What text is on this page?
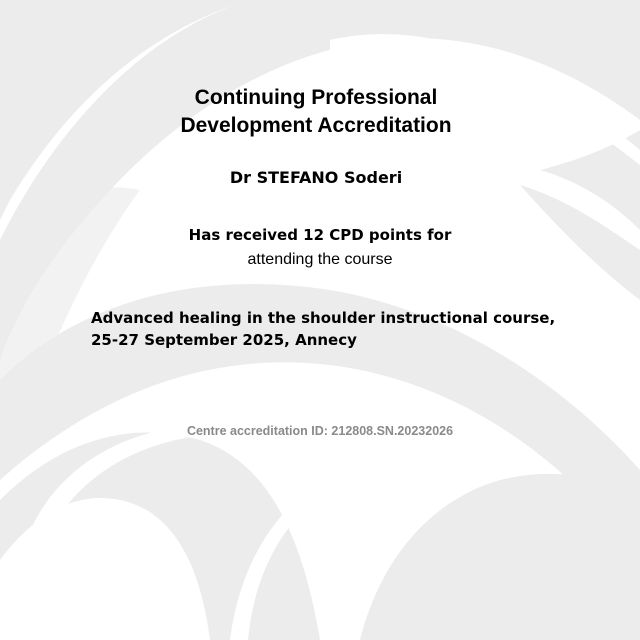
Continuing Professional
Development Accreditation
Dr STEFANO Soderi
Has received 12 CPD points for
attending the course
Advanced healing in the shoulder instructional course,
25-27 September 2025, Annecy
Centre accreditation ID: 212808.SN.20232026
